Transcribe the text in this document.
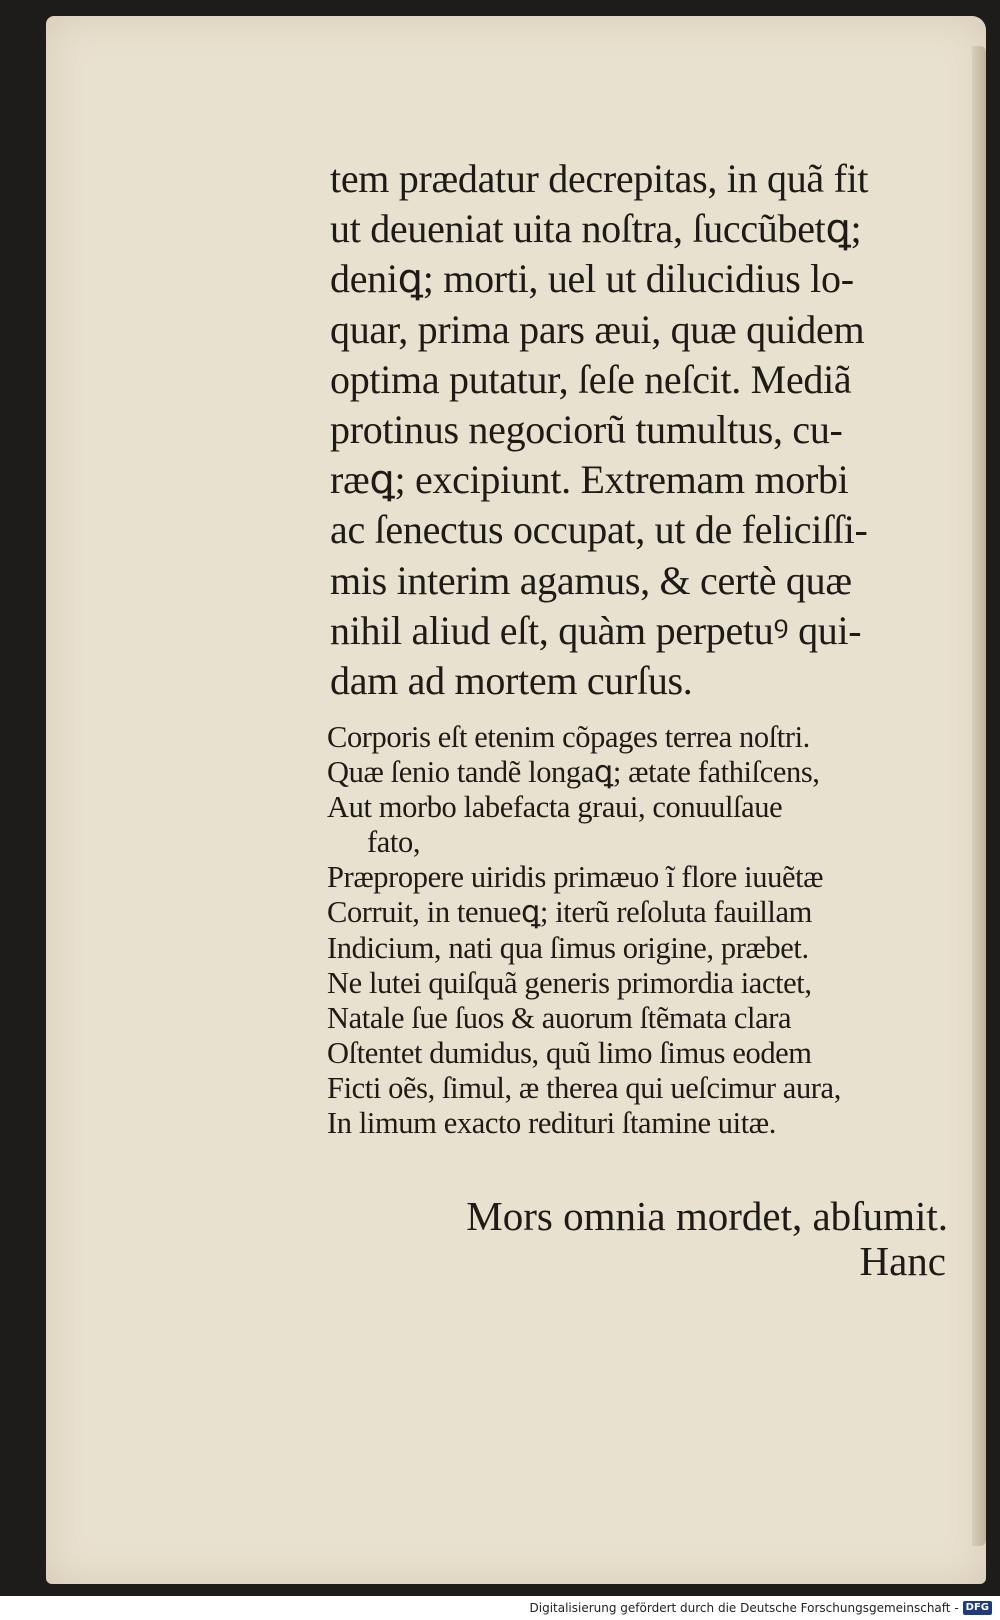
tem prædatur decrepitas, in quã fit
ut deueniat uita noſtra, ſuccũbetꝗ;
deniꝗ; morti, uel ut dilucidius lo-
quar, prima pars æui, quæ quidem
optima putatur, ſeſe neſcit. Mediã
protinus negociorũ tumultus, cu-
ræꝗ; excipiunt. Extremam morbi
ac ſenectus occupat, ut de feliciſſi-
mis interim agamus, & certè quæ
nihil aliud eſt, quàm perpetuꝰ qui-
dam ad mortem curſus.
Corporis eſt etenim cõpages terrea noſtri.
Quæ ſenio tandẽ longaꝗ; ætate fathiſcens,
Aut morbo labefacta graui, conuulſaue
fato,
Præpropere uiridis primæuo ĩ flore iuuẽtæ
Corruit, in tenueꝗ; iterũ reſoluta fauillam
Indicium, nati qua ſimus origine, præbet.
Ne lutei quiſquã generis primordia iactet,
Natale ſue ſuos & auorum ſtẽmata clara
Oſtentet dumidus, quũ limo ſimus eodem
Ficti oẽs, ſimul, æ therea qui ueſcimur aura,
In limum exacto redituri ſtamine uitæ.
Mors omnia mordet, abſumit.
Hanc
Digitalisierung gefördert durch die Deutsche Forschungsgemeinschaft - DFG
